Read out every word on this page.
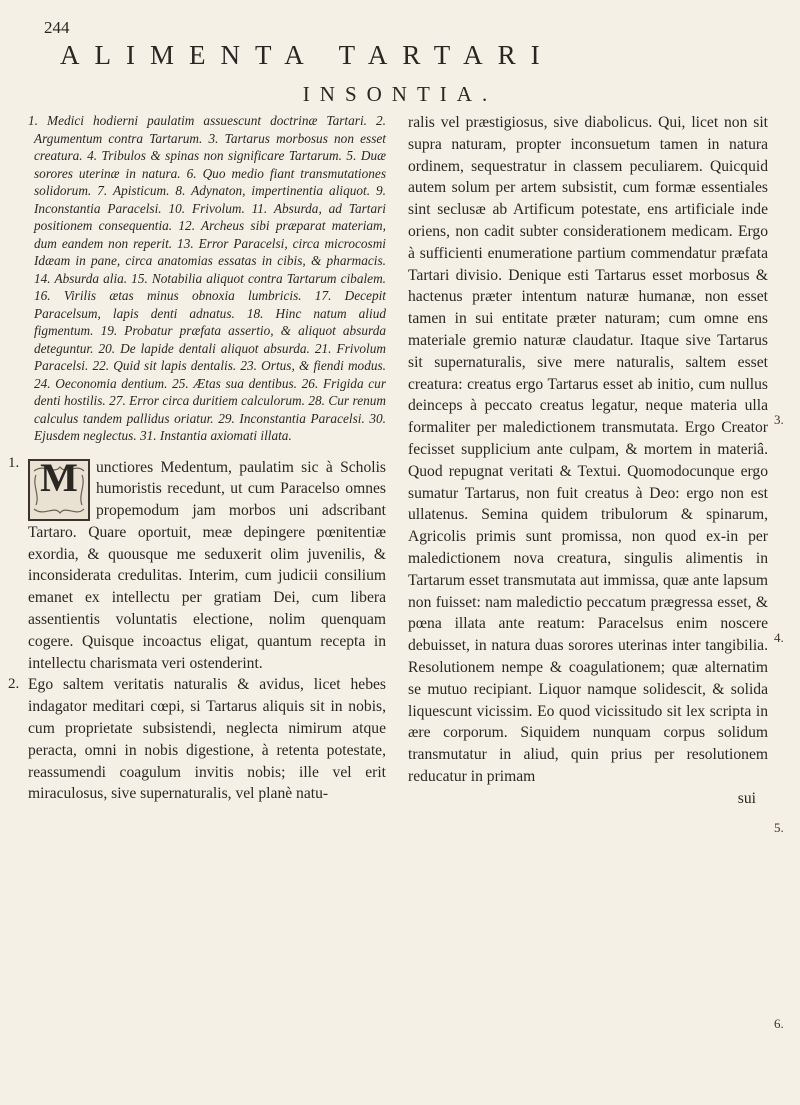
244
ALIMENTA TARTARI
INSONTIA.

1. Medici hodierni paulatim assuescunt doctrinæ Tartari. 2. Argumentum contra Tartarum. 3. Tartarus morbosus non esset creatura. 4. Tribulos & spinas non significare Tartarum. 5. Duæ sorores uterinæ in natura. 6. Quo medio fiant transmutationes solidorum. 7. Apisticum. 8. Adynaton, impertinentia aliquot. 9. Inconstantia Paracelsi. 10. Frivolum. 11. Absurda, ad Tartari positionem consequentia. 12. Archeus sibi præparat materiam, dum eandem non reperit. 13. Error Paracelsi, circa microcosmi Idæam in pane, circa anatomias essatas in cibis, & pharmacis. 14. Absurda alia. 15. Notabilia aliquot contra Tartarum cibalem. 16. Virilis ætas minus obnoxia lumbricis. 17. Decepit Paracelsum, lapis denti adnatus. 18. Hinc natum aliud figmentum. 19. Probatur præfata assertio, & aliquot absurda deteguntur. 20. De lapide dentali aliquot absurda. 21. Frivolum Paracelsi. 22. Quid sit lapis dentalis. 23. Ortus, & fiendi modus. 24. Oeconomia dentium. 25. Ætas sua dentibus. 26. Frigida cur denti hostilis. 27. Error circa duritiem calculorum. 28. Cur renum calculus tandem pallidus oriatur. 29. Inconstantia Paracelsi. 30. Ejusdem neglectus. 31. Instantia axiomati illata.

1. M	unctiores Medentum, paulatim sic à Scholis humoristis recedunt, ut cum Paracelso omnes propemodum jam morbos uni adscribant Tartaro. Quare oportuit, meæ depingere pœnitentiæ exordia, & quousque me seduxerit olim juvenilis, & inconsiderata credulitas. Interim, cum judicii consilium emanet ex intellectu per gratiam Dei, cum libera assentientis voluntatis electione, nolim quenquam cogere. Quisque incoactus eligat, quantum recepta in intellectu charismata veri ostenderint.
2. Ego saltem veritatis naturalis & avidus, licet hebes indagator meditari cœpi, si Tartarus aliquis sit in nobis, cum proprietate subsistendi, neglecta nimirum atque peracta, omni in nobis digestione, à retenta potestate, reassumendi coagulum invitis nobis; ille vel erit miraculosus, sive supernaturalis, vel planè natu-
ralis vel præstigiosus, sive diabolicus. Qui, licet non sit supra naturam, propter inconsuetum tamen in natura ordinem, sequestratur in classem peculiarem. Quicquid autem solum per artem subsistit, cum formæ essentiales sint seclusæ ab Artificum potestate, ens artificiale inde oriens, non cadit subter considerationem medicam. Ergo à sufficienti enumeratione partium commendatur præfata Tartari divisio. Denique esti Tartarus esset morbosus & hactenus præter intentum naturæ humanæ, non esset tamen in sui entitate præter naturam; cum omne ens materiale gremio naturæ claudatur. Itaque sive Tartarus sit supernaturalis, sive mere naturalis, saltem esset creatura: creatus ergo Tartarus esset ab initio, cum nullus deinceps à peccato creatus legatur, neque materia ulla formaliter per maledictionem transmutata. Ergo Creator fecisset supplicium ante culpam, & mortem in materiâ. Quod repugnat veritati & Textui. Quomodocunque ergo sumatur Tartarus, non fuit creatus à Deo: ergo non est ullatenus. Semina quidem tribulorum & spinarum, Agricolis primis sunt promissa, non quod ex-in per maledictionem nova creatura, singulis alimentis in Tartarum esset transmutata aut immissa, quæ ante lapsum non fuisset: nam maledictio peccatum prægressa esset, & pœna illata ante reatum: Paracelsus enim noscere debuisset, in natura duas sorores uterinas inter tangibilia. Resolutionem nempe & coagulationem; quæ alternatim se mutuo recipiant. Liquor namque solidescit, & solida liquescunt vicissim. Eo quod vicissitudo sit lex scripta in ære corporum. Siquidem nunquam corpus solidum transmutatur in aliud, quin prius per resolutionem reducatur in primam
sui
3.
4.
5.
6.
